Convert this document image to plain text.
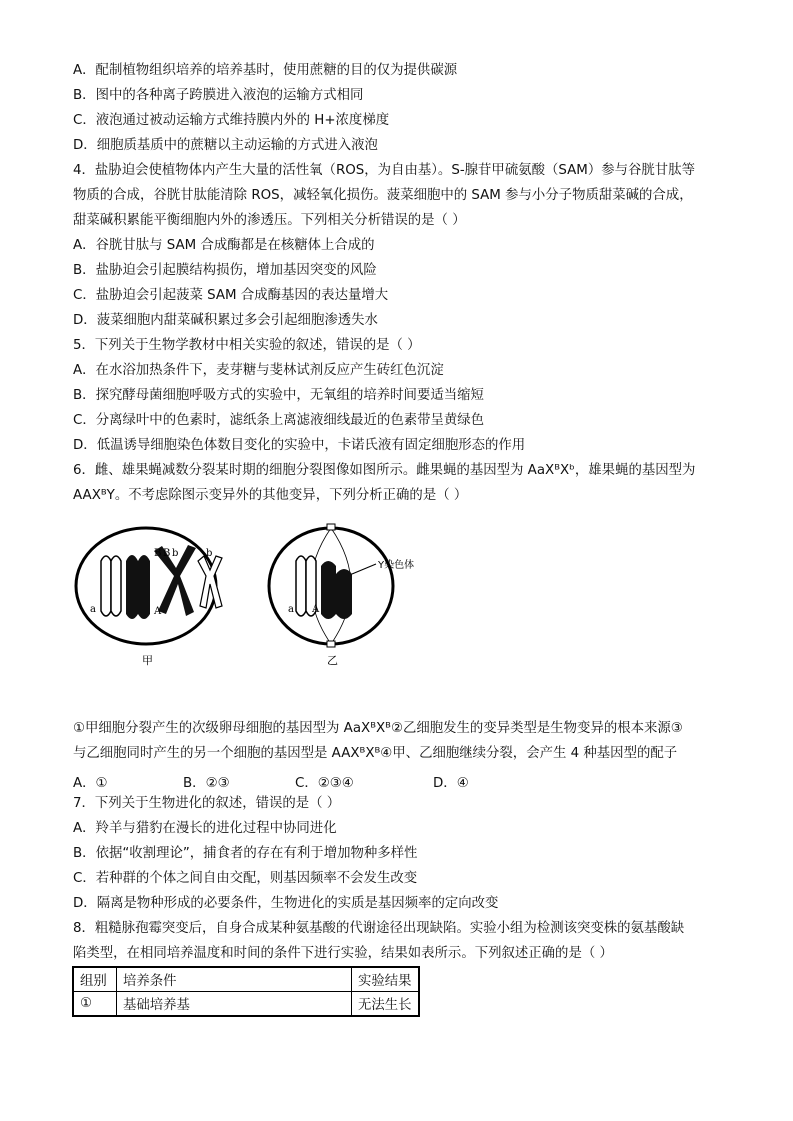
A．配制植物组织培养的培养基时，使用蔗糖的目的仅为提供碳源
B．图中的各种离子跨膜进入液泡的运输方式相同
C．液泡通过被动运输方式维持膜内外的 H+浓度梯度
D．细胞质基质中的蔗糖以主动运输的方式进入液泡
4．盐胁迫会使植物体内产生大量的活性氧（ROS，为自由基）。S-腺苷甲硫氨酸（SAM）参与谷胱甘肽等
物质的合成，谷胱甘肽能清除 ROS，减轻氧化损伤。菠菜细胞中的 SAM 参与小分子物质甜菜碱的合成，
甜菜碱积累能平衡细胞内外的渗透压。下列相关分析错误的是（ ）
A．谷胱甘肽与 SAM 合成酶都是在核糖体上合成的
B．盐胁迫会引起膜结构损伤，增加基因突变的风险
C．盐胁迫会引起菠菜 SAM 合成酶基因的表达量增大
D．菠菜细胞内甜菜碱积累过多会引起细胞渗透失水
5．下列关于生物学教材中相关实验的叙述，错误的是（ ）
A．在水浴加热条件下，麦芽糖与斐林试剂反应产生砖红色沉淀
B．探究酵母菌细胞呼吸方式的实验中，无氧组的培养时间要适当缩短
C．分离绿叶中的色素时，滤纸条上离滤液细线最近的色素带呈黄绿色
D．低温诱导细胞染色体数目变化的实验中，卡诺氏液有固定细胞形态的作用
6．雌、雄果蝇减数分裂某时期的细胞分裂图像如图所示。雌果蝇的基因型为 AaXᴮXᵇ，雄果蝇的基因型为
AAXᴮY。不考虑除图示变异外的其他变异，下列分析正确的是（ ）
B B b	b
a	A
甲
Y染色体
a A
乙
①甲细胞分裂产生的次级卵母细胞的基因型为 AaXᴮXᴮ②乙细胞发生的变异类型是生物变异的根本来源③
与乙细胞同时产生的另一个细胞的基因型是 AAXᴮXᴮ④甲、乙细胞继续分裂，会产生 4 种基因型的配子
A．①	B．②③	C．②③④	D．④
7．下列关于生物进化的叙述，错误的是（ ）
A．羚羊与猎豹在漫长的进化过程中协同进化
B．依据“收割理论”，捕食者的存在有利于增加物种多样性
C．若种群的个体之间自由交配，则基因频率不会发生改变
D．隔离是物种形成的必要条件，生物进化的实质是基因频率的定向改变
8．粗糙脉孢霉突变后，自身合成某种氨基酸的代谢途径出现缺陷。实验小组为检测该突变株的氨基酸缺
陷类型，在相同培养温度和时间的条件下进行实验，结果如表所示。下列叙述正确的是（ ）
组别	培养条件	实验结果
①	基础培养基	无法生长
